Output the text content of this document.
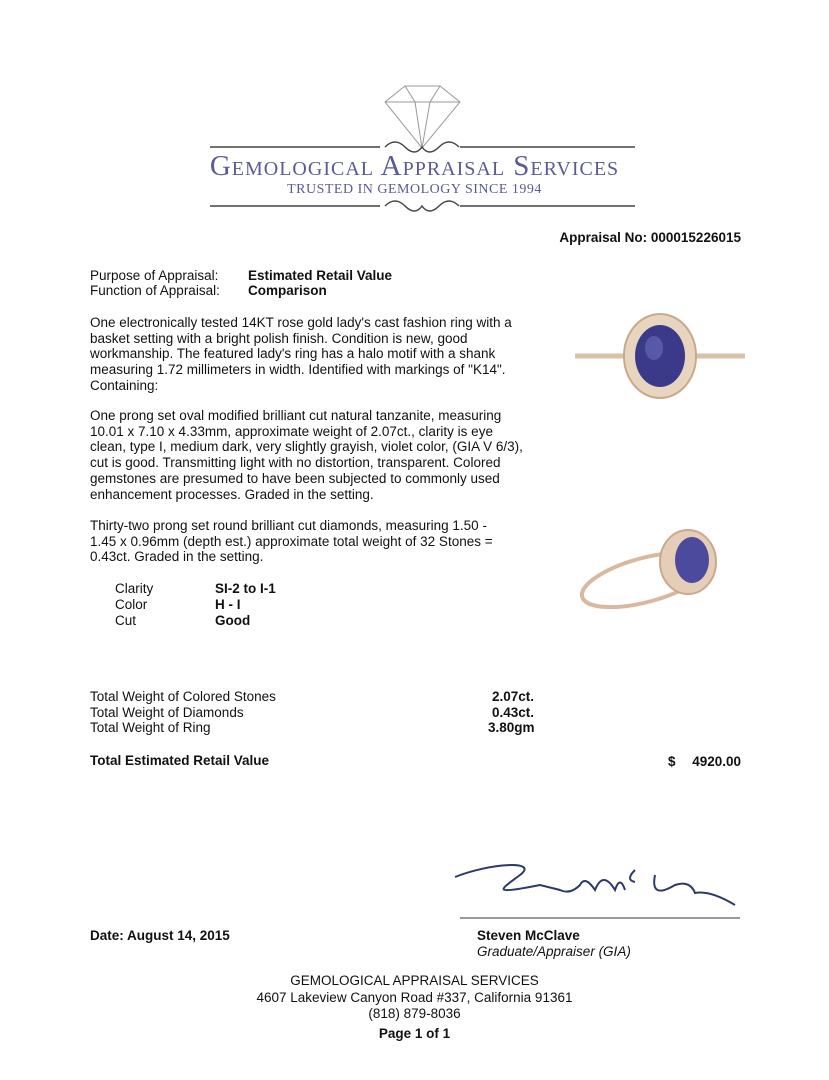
Gemological Appraisal Services
TRUSTED IN GEMOLOGY SINCE 1994
Appraisal No: 000015226015
Purpose of Appraisal:	Estimated Retail Value
Function of Appraisal:	Comparison
One electronically tested 14KT rose gold lady's cast fashion ring with a basket setting with a bright polish finish. Condition is new, good workmanship. The featured lady's ring has a halo motif with a shank measuring 1.72 millimeters in width. Identified with markings of "K14". Containing:
One prong set oval modified brilliant cut natural tanzanite, measuring 10.01 x 7.10 x 4.33mm, approximate weight of 2.07ct., clarity is eye clean, type I, medium dark, very slightly grayish, violet color, (GIA V 6/3), cut is good. Transmitting light with no distortion, transparent. Colored gemstones are presumed to have been subjected to commonly used enhancement processes. Graded in the setting.
Thirty-two prong set round brilliant cut diamonds, measuring 1.50 - 1.45 x 0.96mm (depth est.) approximate total weight of 32 Stones = 0.43ct. Graded in the setting.
Clarity	SI-2 to I-1
Color	H - I
Cut	Good
Total Weight of Colored Stones	2.07ct.
Total Weight of Diamonds	0.43ct.
Total Weight of Ring	3.80gm
Total Estimated Retail Value	$ 4920.00
Date: August 14, 2015	Steven McClave
Graduate/Appraiser (GIA)
GEMOLOGICAL APPRAISAL SERVICES
4607 Lakeview Canyon Road #337, California 91361
(818) 879-8036
Page 1 of 1
